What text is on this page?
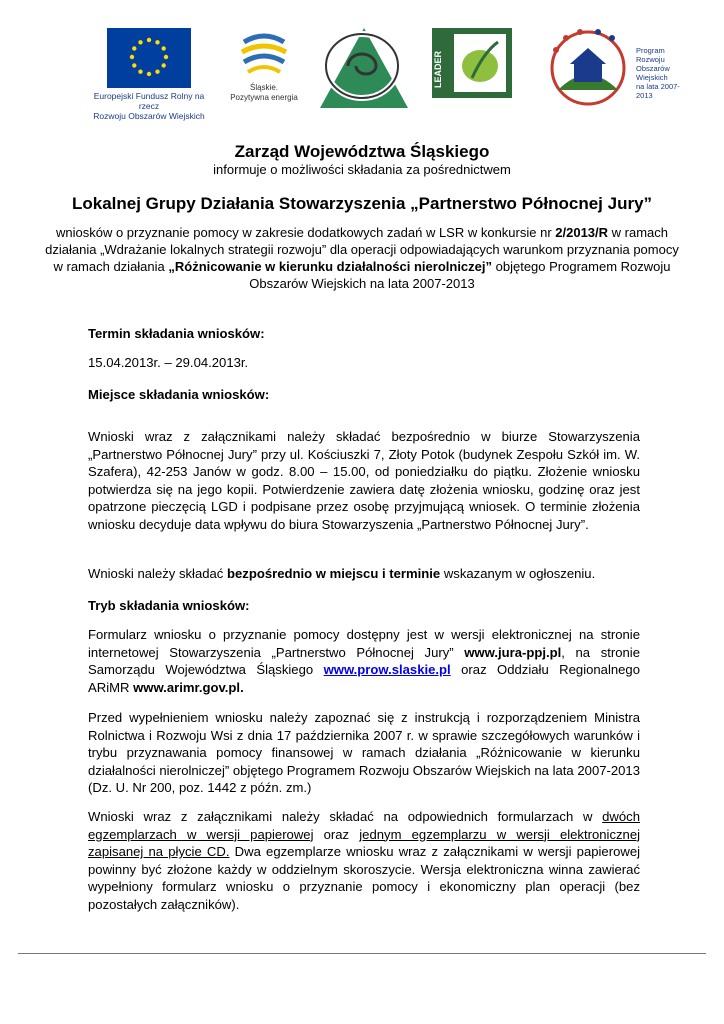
Europejski Fundusz Rolny na rzecz
Rozwoju Obszarów Wiejskich
Śląskie.
Pozytywna energia
LEADER
Program
Rozwoju
Obszarów
Wiejskich
na lata 2007-2013
Zarząd Województwa Śląskiego
informuje o możliwości składania za pośrednictwem
Lokalnej Grupy Działania Stowarzyszenia „Partnerstwo Północnej Jury”
wniosków o przyznanie pomocy w zakresie dodatkowych zadań w LSR w konkursie nr 2/2013/R w ramach działania „Wdrażanie lokalnych strategii rozwoju” dla operacji odpowiadających warunkom przyznania pomocy w ramach działania „Różnicowanie w kierunku działalności nierolniczej” objętego Programem Rozwoju Obszarów Wiejskich na lata 2007-2013
Termin składania wniosków:
15.04.2013r. – 29.04.2013r.
Miejsce składania wniosków:
Wnioski wraz z załącznikami należy składać bezpośrednio w biurze Stowarzyszenia „Partnerstwo Północnej Jury” przy ul. Kościuszki 7, Złoty Potok (budynek Zespołu Szkół im. W. Szafera), 42-253 Janów w godz. 8.00 – 15.00, od poniedziałku do piątku. Złożenie wniosku potwierdza się na jego kopii. Potwierdzenie zawiera datę złożenia wniosku, godzinę oraz jest opatrzone pieczęcią LGD i podpisane przez osobę przyjmującą wniosek. O terminie złożenia wniosku decyduje data wpływu do biura Stowarzyszenia „Partnerstwo Północnej Jury”.
Wnioski należy składać bezpośrednio w miejscu i terminie wskazanym w ogłoszeniu.
Tryb składania wniosków:
Formularz wniosku o przyznanie pomocy dostępny jest w wersji elektronicznej na stronie internetowej Stowarzyszenia „Partnerstwo Północnej Jury” www.jura-ppj.pl, na stronie Samorządu Województwa Śląskiego www.prow.slaskie.pl oraz Oddziału Regionalnego ARiMR www.arimr.gov.pl.
Przed wypełnieniem wniosku należy zapoznać się z instrukcją i rozporządzeniem Ministra Rolnictwa i Rozwoju Wsi z dnia 17 października 2007 r. w sprawie szczegółowych warunków i trybu przyznawania pomocy finansowej w ramach działania „Różnicowanie w kierunku działalności nierolniczej” objętego Programem Rozwoju Obszarów Wiejskich na lata 2007-2013 (Dz. U. Nr 200, poz. 1442 z późn. zm.)
Wnioski wraz z załącznikami należy składać na odpowiednich formularzach w dwóch egzemplarzach w wersji papierowej oraz jednym egzemplarzu w wersji elektronicznej zapisanej na płycie CD. Dwa egzemplarze wniosku wraz z załącznikami w wersji papierowej powinny być złożone każdy w oddzielnym skoroszycie. Wersja elektroniczna winna zawierać wypełniony formularz wniosku o przyznanie pomocy i ekonomiczny plan operacji (bez pozostałych załączników).
